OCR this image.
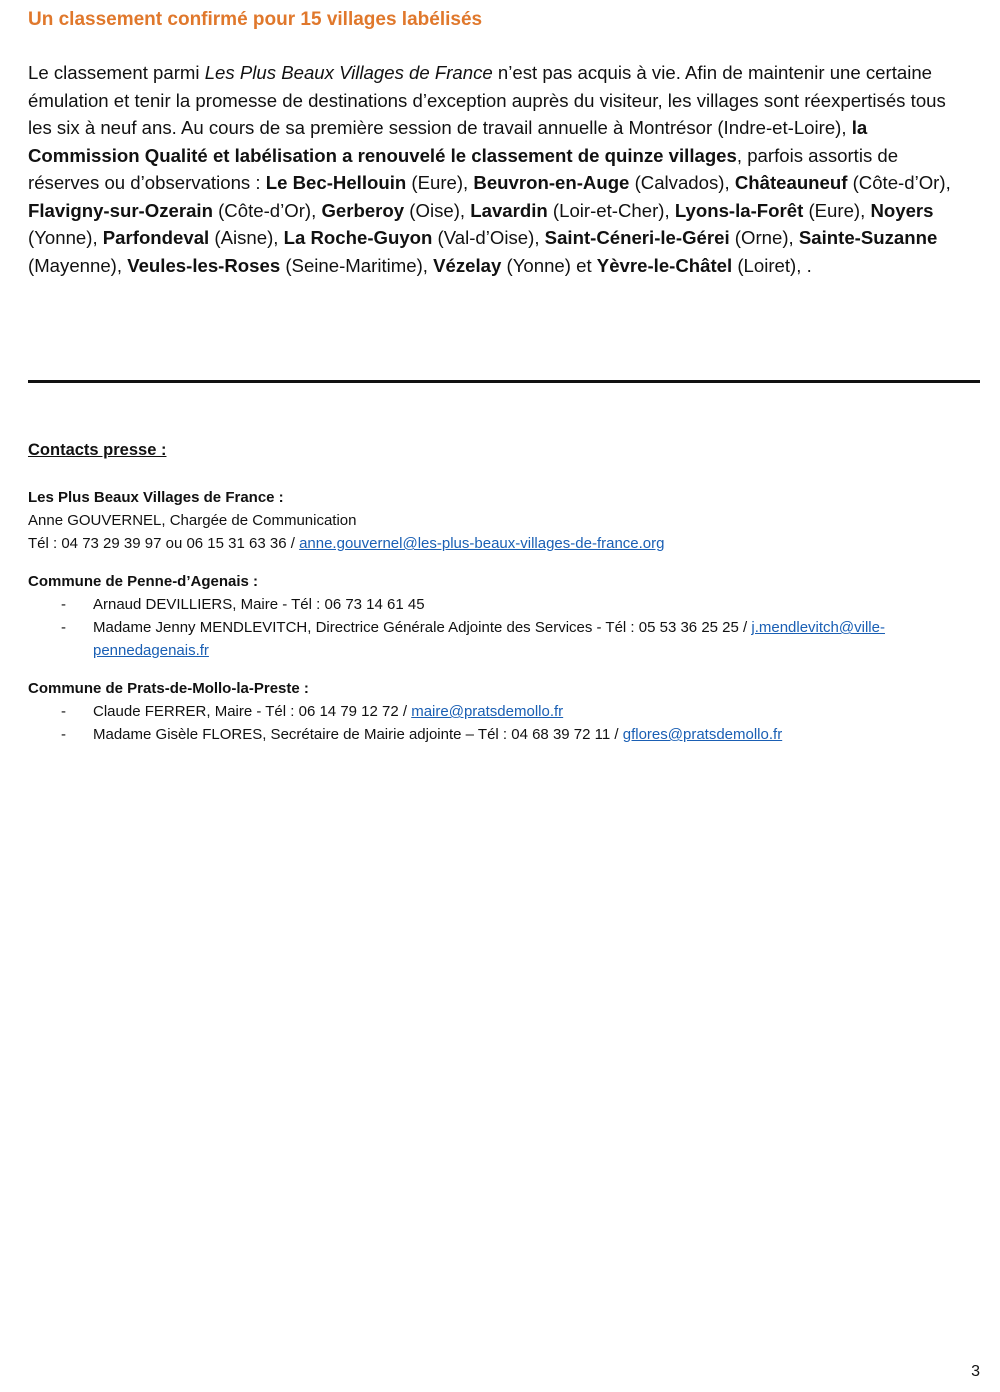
Un classement confirmé pour 15 villages labélisés

Le classement parmi Les Plus Beaux Villages de France n’est pas acquis à vie. Afin de maintenir une certaine émulation et tenir la promesse de destinations d’exception auprès du visiteur, les villages sont réexpertisés tous les six à neuf ans. Au cours de sa première session de travail annuelle à Montrésor (Indre-et-Loire), la Commission Qualité et labélisation a renouvelé le classement de quinze villages, parfois assortis de réserves ou d’observations : Le Bec-Hellouin (Eure), Beuvron-en-Auge (Calvados), Châteauneuf (Côte-d’Or), Flavigny-sur-Ozerain (Côte-d’Or), Gerberoy (Oise), Lavardin (Loir-et-Cher), Lyons-la-Forêt (Eure), Noyers (Yonne), Parfondeval (Aisne), La Roche-Guyon (Val-d’Oise), Saint-Céneri-le-Gérei (Orne), Sainte-Suzanne (Mayenne), Veules-les-Roses (Seine-Maritime), Vézelay (Yonne) et Yèvre-le-Châtel (Loiret), .

Contacts presse :
Les Plus Beaux Villages de France :
Anne GOUVERNEL, Chargée de Communication
Tél : 04 73 29 39 97 ou 06 15 31 63 36 / anne.gouvernel@les-plus-beaux-villages-de-france.org
Commune de Penne-d’Agenais :
- Arnaud DEVILLIERS, Maire - Tél : 06 73 14 61 45
- Madame Jenny MENDLEVITCH, Directrice Générale Adjointe des Services - Tél : 05 53 36 25 25 / j.mendlevitch@ville-pennedagenais.fr
Commune de Prats-de-Mollo-la-Preste :
- Claude FERRER, Maire - Tél : 06 14 79 12 72 / maire@pratsdemollo.fr
- Madame Gisèle FLORES, Secrétaire de Mairie adjointe – Tél : 04 68 39 72 11 / gflores@pratsdemollo.fr
3
